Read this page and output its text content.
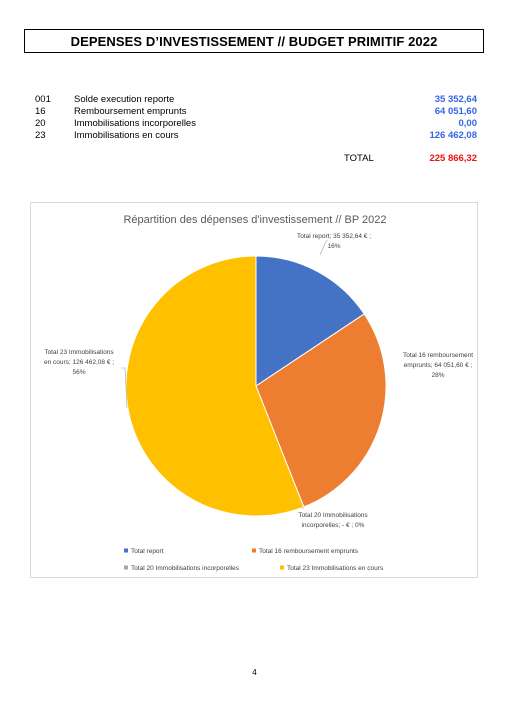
DEPENSES D’INVESTISSEMENT // BUDGET PRIMITIF 2022
001 Solde execution reporte	35 352,64
16	Remboursement emprunts	64 051,60
20	Immobilisations incorporelles	0,00
23	Immobilisations en cours	126 462,08
TOTAL	225 866,32
Répartition des dépenses d'investissement // BP 2022
Total report; 35 352,64 € ; 16%
Total 16 remboursement emprunts; 64 051,60 € ; 28%
Total 20 Immobilisations incorporelles; - € ; 0%
Total 23 Immobilisations en cours; 126 462,08 € ; 56%
Total report	Total 16 remboursement emprunts
Total 20 Immobilisations incorporelles	Total 23 Immobilisations en cours
4
